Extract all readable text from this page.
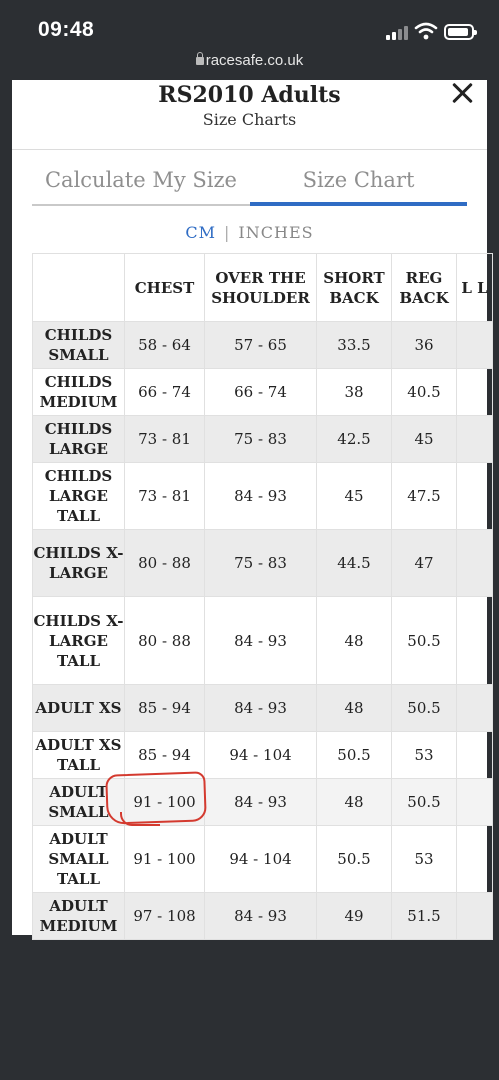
09:48
racesafe.co.uk
RS2010 Adults
Size Charts
Calculate My Size	Size Chart
CM | INCHES
	CHEST	OVER THE SHOULDER	SHORT BACK	REG BACK	L L
CHILDS SMALL	58 - 64	57 - 65	33.5	36	
CHILDS MEDIUM	66 - 74	66 - 74	38	40.5	
CHILDS LARGE	73 - 81	75 - 83	42.5	45	
CHILDS LARGE TALL	73 - 81	84 - 93	45	47.5	
CHILDS X-LARGE	80 - 88	75 - 83	44.5	47	
CHILDS X-LARGE TALL	80 - 88	84 - 93	48	50.5	
ADULT XS	85 - 94	84 - 93	48	50.5	
ADULT XS TALL	85 - 94	94 - 104	50.5	53	
ADULT SMALL	91 - 100	84 - 93	48	50.5	
ADULT SMALL TALL	91 - 100	94 - 104	50.5	53	
ADULT MEDIUM	97 - 108	84 - 93	49	51.5	
